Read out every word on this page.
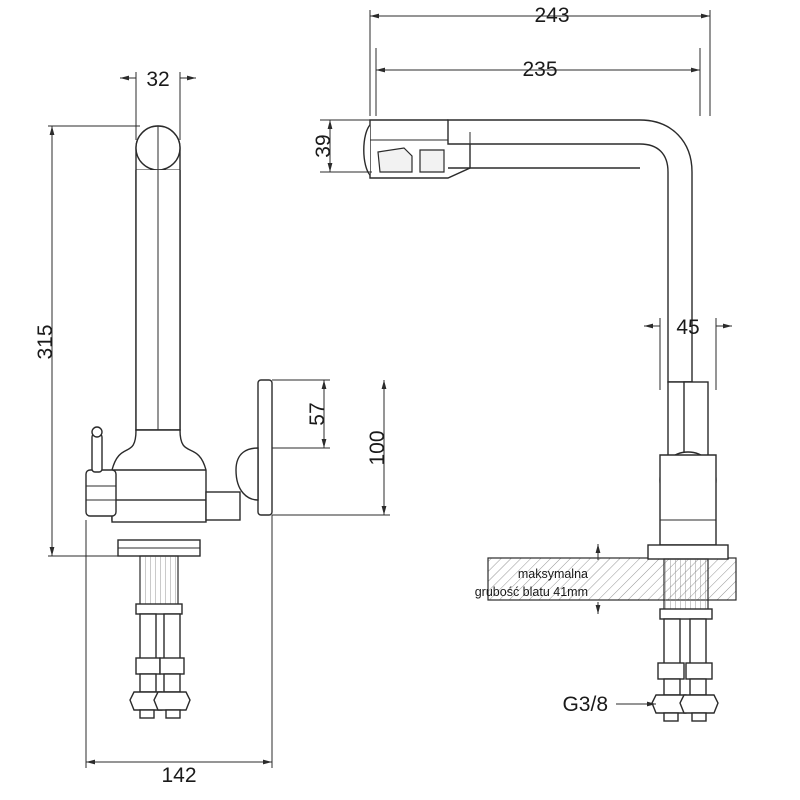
32
315
142
243
235
39
57
100
45
G3/8
maksymalna
grubość blatu 41mm
